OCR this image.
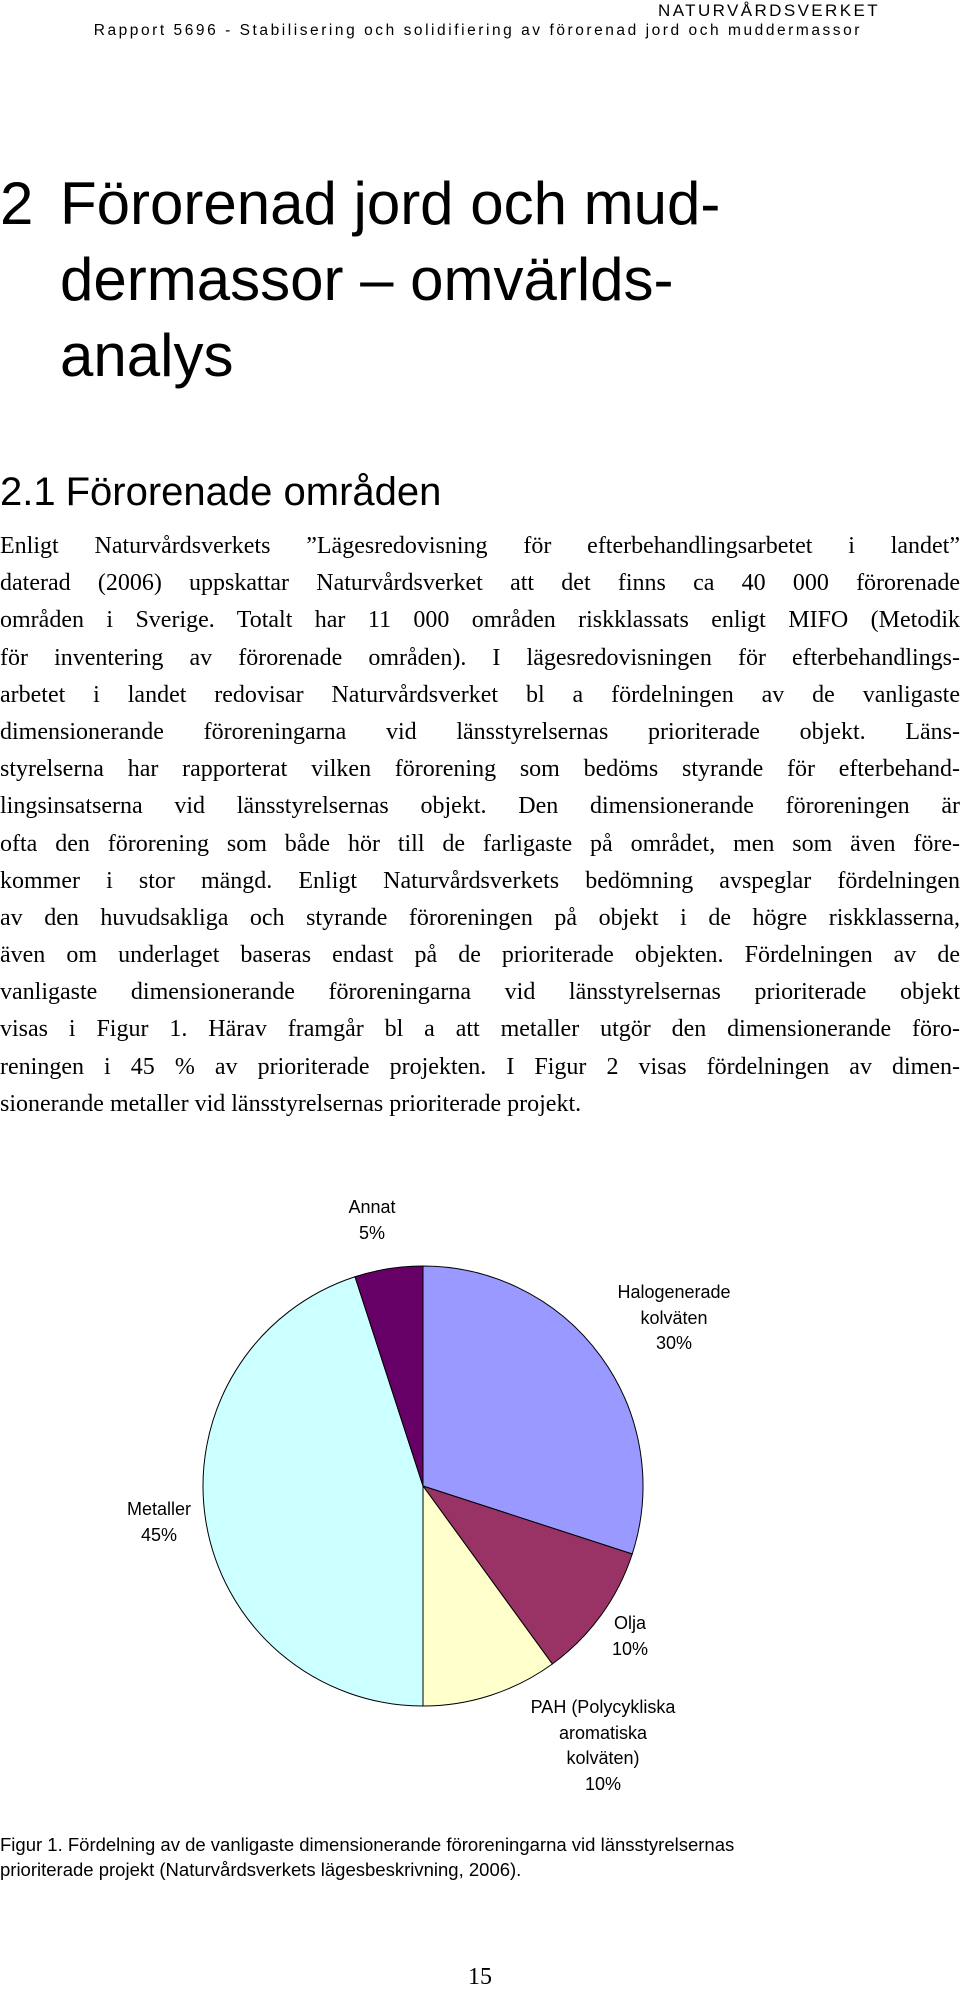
NATURVÅRDSVERKET
Rapport 5696 - Stabilisering och solidifiering av förorenad jord och muddermassor
2 Förorenad jord och mud-
dermassor – omvärlds-
analys
2.1 Förorenade områden
Enligt Naturvårdsverkets ”Lägesredovisning för efterbehandlingsarbetet i landet”
daterad (2006) uppskattar Naturvårdsverket att det finns ca 40 000 förorenade
områden i Sverige. Totalt har 11 000 områden riskklassats enligt MIFO (Metodik
för inventering av förorenade områden). I lägesredovisningen för efterbehandlings-
arbetet i landet redovisar Naturvårdsverket bl a fördelningen av de vanligaste
dimensionerande föroreningarna vid länsstyrelsernas prioriterade objekt. Läns-
styrelserna har rapporterat vilken förorening som bedöms styrande för efterbehand-
lingsinsatserna vid länsstyrelsernas objekt. Den dimensionerande föroreningen är
ofta den förorening som både hör till de farligaste på området, men som även före-
kommer i stor mängd. Enligt Naturvårdsverkets bedömning avspeglar fördelningen
av den huvudsakliga och styrande föroreningen på objekt i de högre riskklasserna,
även om underlaget baseras endast på de prioriterade objekten. Fördelningen av de
vanligaste dimensionerande föroreningarna vid länsstyrelsernas prioriterade objekt
visas i Figur 1. Härav framgår bl a att metaller utgör den dimensionerande föro-
reningen i 45 % av prioriterade projekten. I Figur 2 visas fördelningen av dimen-
sionerande metaller vid länsstyrelsernas prioriterade projekt.
Halogenerade
kolväten
30%
Olja
10%
PAH (Polycykliska
aromatiska
kolväten)
10%
Metaller
45%
Annat
5%
Figur 1. Fördelning av de vanligaste dimensionerande föroreningarna vid länsstyrelsernas
prioriterade projekt (Naturvårdsverkets lägesbeskrivning, 2006).
15
